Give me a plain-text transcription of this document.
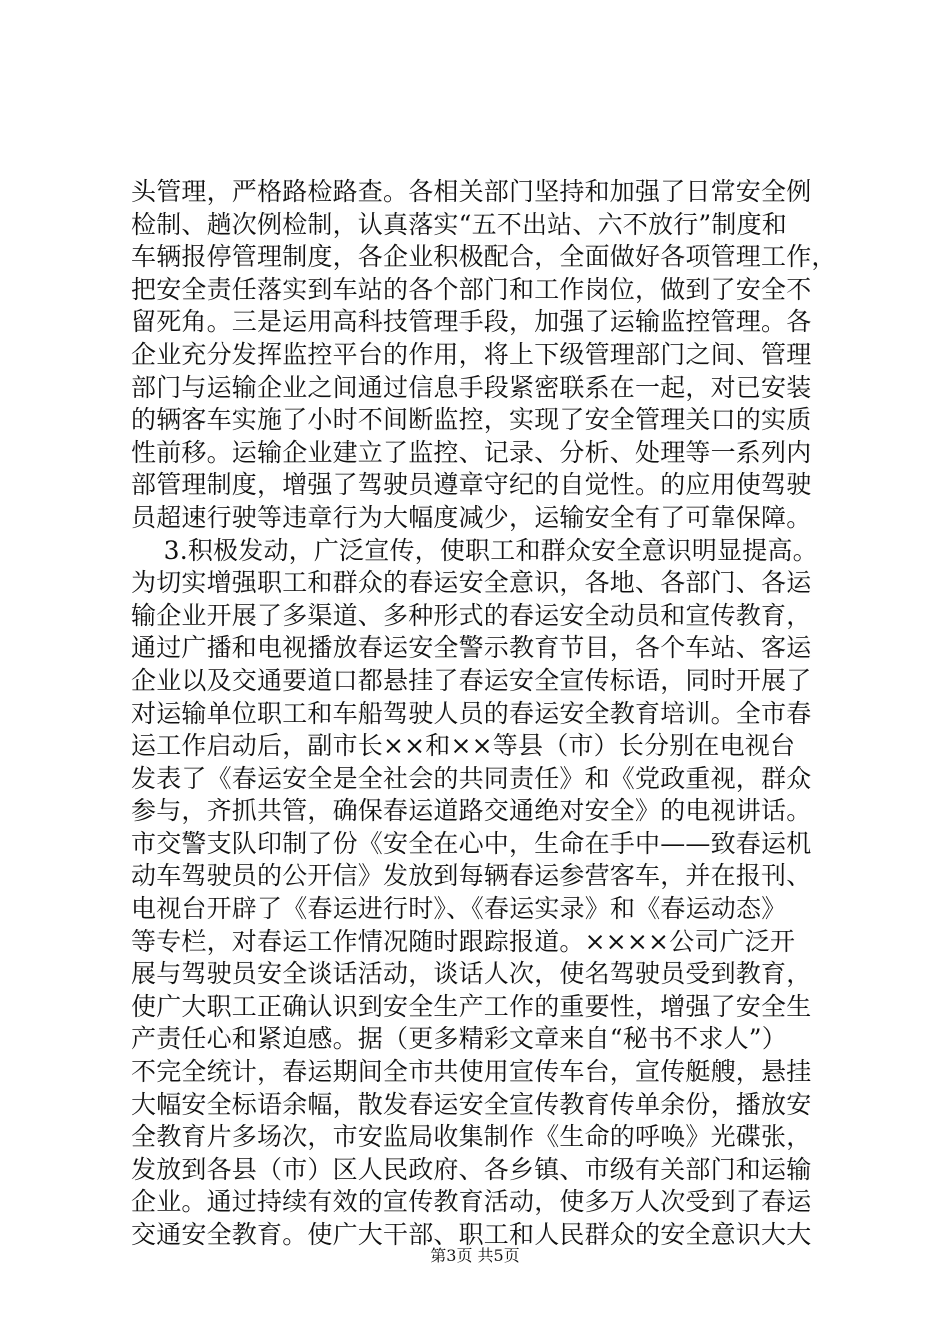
头管理，严格路检路查。各相关部门坚持和加强了日常安全例
检制、趟次例检制，认真落实“五不出站、六不放行”制度和
车辆报停管理制度，各企业积极配合，全面做好各项管理工作，
把安全责任落实到车站的各个部门和工作岗位，做到了安全不
留死角。三是运用高科技管理手段，加强了运输监控管理。各
企业充分发挥监控平台的作用，将上下级管理部门之间、管理
部门与运输企业之间通过信息手段紧密联系在一起，对已安装
的辆客车实施了小时不间断监控，实现了安全管理关口的实质
性前移。运输企业建立了监控、记录、分析、处理等一系列内
部管理制度，增强了驾驶员遵章守纪的自觉性。的应用使驾驶
员超速行驶等违章行为大幅度减少，运输安全有了可靠保障。
3.积极发动，广泛宣传，使职工和群众安全意识明显提高。
为切实增强职工和群众的春运安全意识，各地、各部门、各运
输企业开展了多渠道、多种形式的春运安全动员和宣传教育，
通过广播和电视播放春运安全警示教育节目，各个车站、客运
企业以及交通要道口都悬挂了春运安全宣传标语，同时开展了
对运输单位职工和车船驾驶人员的春运安全教育培训。全市春
运工作启动后，副市长××和××等县（市）长分别在电视台
发表了《春运安全是全社会的共同责任》和《党政重视，群众
参与，齐抓共管，确保春运道路交通绝对安全》的电视讲话。
市交警支队印制了份《安全在心中，生命在手中——致春运机
动车驾驶员的公开信》发放到每辆春运参营客车，并在报刊、
电视台开辟了《春运进行时》、《春运实录》和《春运动态》
等专栏，对春运工作情况随时跟踪报道。××××公司广泛开
展与驾驶员安全谈话活动，谈话人次，使名驾驶员受到教育，
使广大职工正确认识到安全生产工作的重要性，增强了安全生
产责任心和紧迫感。据（更多精彩文章来自“秘书不求人”）
不完全统计，春运期间全市共使用宣传车台，宣传艇艘，悬挂
大幅安全标语余幅，散发春运安全宣传教育传单余份，播放安
全教育片多场次，市安监局收集制作《生命的呼唤》光碟张，
发放到各县（市）区人民政府、各乡镇、市级有关部门和运输
企业。通过持续有效的宣传教育活动，使多万人次受到了春运
交通安全教育。使广大干部、职工和人民群众的安全意识大大
第3页 共5页
